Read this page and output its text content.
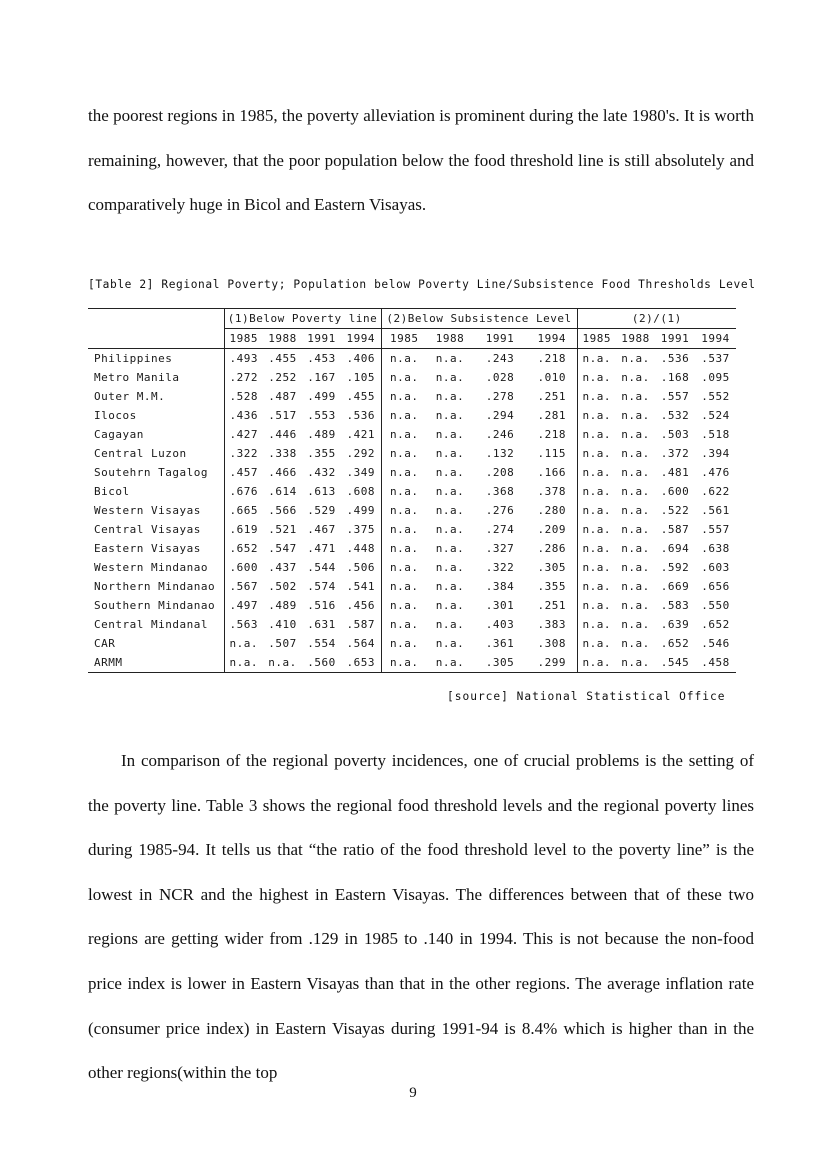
the poorest regions in 1985, the poverty alleviation is prominent during the late 1980's. It is worth remaining, however, that the poor population below the food threshold line is still absolutely and comparatively huge in Bicol and Eastern Visayas.

[Table 2] Regional Poverty; Population below Poverty Line/Subsistence Food Thresholds Level
	(1)Below Poverty line				(2)Below Subsistence Level				(2)/(1)			
	1985	1988	1991	1994	1985	1988	1991	1994	1985	1988	1991	1994
Philippines	.493	.455	.453	.406	n.a.	n.a.	.243	.218	n.a.	n.a.	.536	.537
Metro Manila	.272	.252	.167	.105	n.a.	n.a.	.028	.010	n.a.	n.a.	.168	.095
Outer M.M.	.528	.487	.499	.455	n.a.	n.a.	.278	.251	n.a.	n.a.	.557	.552
Ilocos	.436	.517	.553	.536	n.a.	n.a.	.294	.281	n.a.	n.a.	.532	.524
Cagayan	.427	.446	.489	.421	n.a.	n.a.	.246	.218	n.a.	n.a.	.503	.518
Central Luzon	.322	.338	.355	.292	n.a.	n.a.	.132	.115	n.a.	n.a.	.372	.394
Soutehrn Tagalog	.457	.466	.432	.349	n.a.	n.a.	.208	.166	n.a.	n.a.	.481	.476
Bicol	.676	.614	.613	.608	n.a.	n.a.	.368	.378	n.a.	n.a.	.600	.622
Western Visayas	.665	.566	.529	.499	n.a.	n.a.	.276	.280	n.a.	n.a.	.522	.561
Central Visayas	.619	.521	.467	.375	n.a.	n.a.	.274	.209	n.a.	n.a.	.587	.557
Eastern Visayas	.652	.547	.471	.448	n.a.	n.a.	.327	.286	n.a.	n.a.	.694	.638
Western Mindanao	.600	.437	.544	.506	n.a.	n.a.	.322	.305	n.a.	n.a.	.592	.603
Northern Mindanao	.567	.502	.574	.541	n.a.	n.a.	.384	.355	n.a.	n.a.	.669	.656
Southern Mindanao	.497	.489	.516	.456	n.a.	n.a.	.301	.251	n.a.	n.a.	.583	.550
Central Mindanal	.563	.410	.631	.587	n.a.	n.a.	.403	.383	n.a.	n.a.	.639	.652
CAR	n.a.	.507	.554	.564	n.a.	n.a.	.361	.308	n.a.	n.a.	.652	.546
ARMM	n.a.	n.a.	.560	.653	n.a.	n.a.	.305	.299	n.a.	n.a.	.545	.458
[source] National Statistical Office

In comparison of the regional poverty incidences, one of crucial problems is the setting of the poverty line. Table 3 shows the regional food threshold levels and the regional poverty lines during 1985-94. It tells us that “the ratio of the food threshold level to the poverty line” is the lowest in NCR and the highest in Eastern Visayas. The differences between that of these two regions are getting wider from .129 in 1985 to .140 in 1994. This is not because the non-food price index is lower in Eastern Visayas than that in the other regions. The average inflation rate (consumer price index) in Eastern Visayas during 1991-94 is 8.4% which is higher than in the other regions(within the top

9
